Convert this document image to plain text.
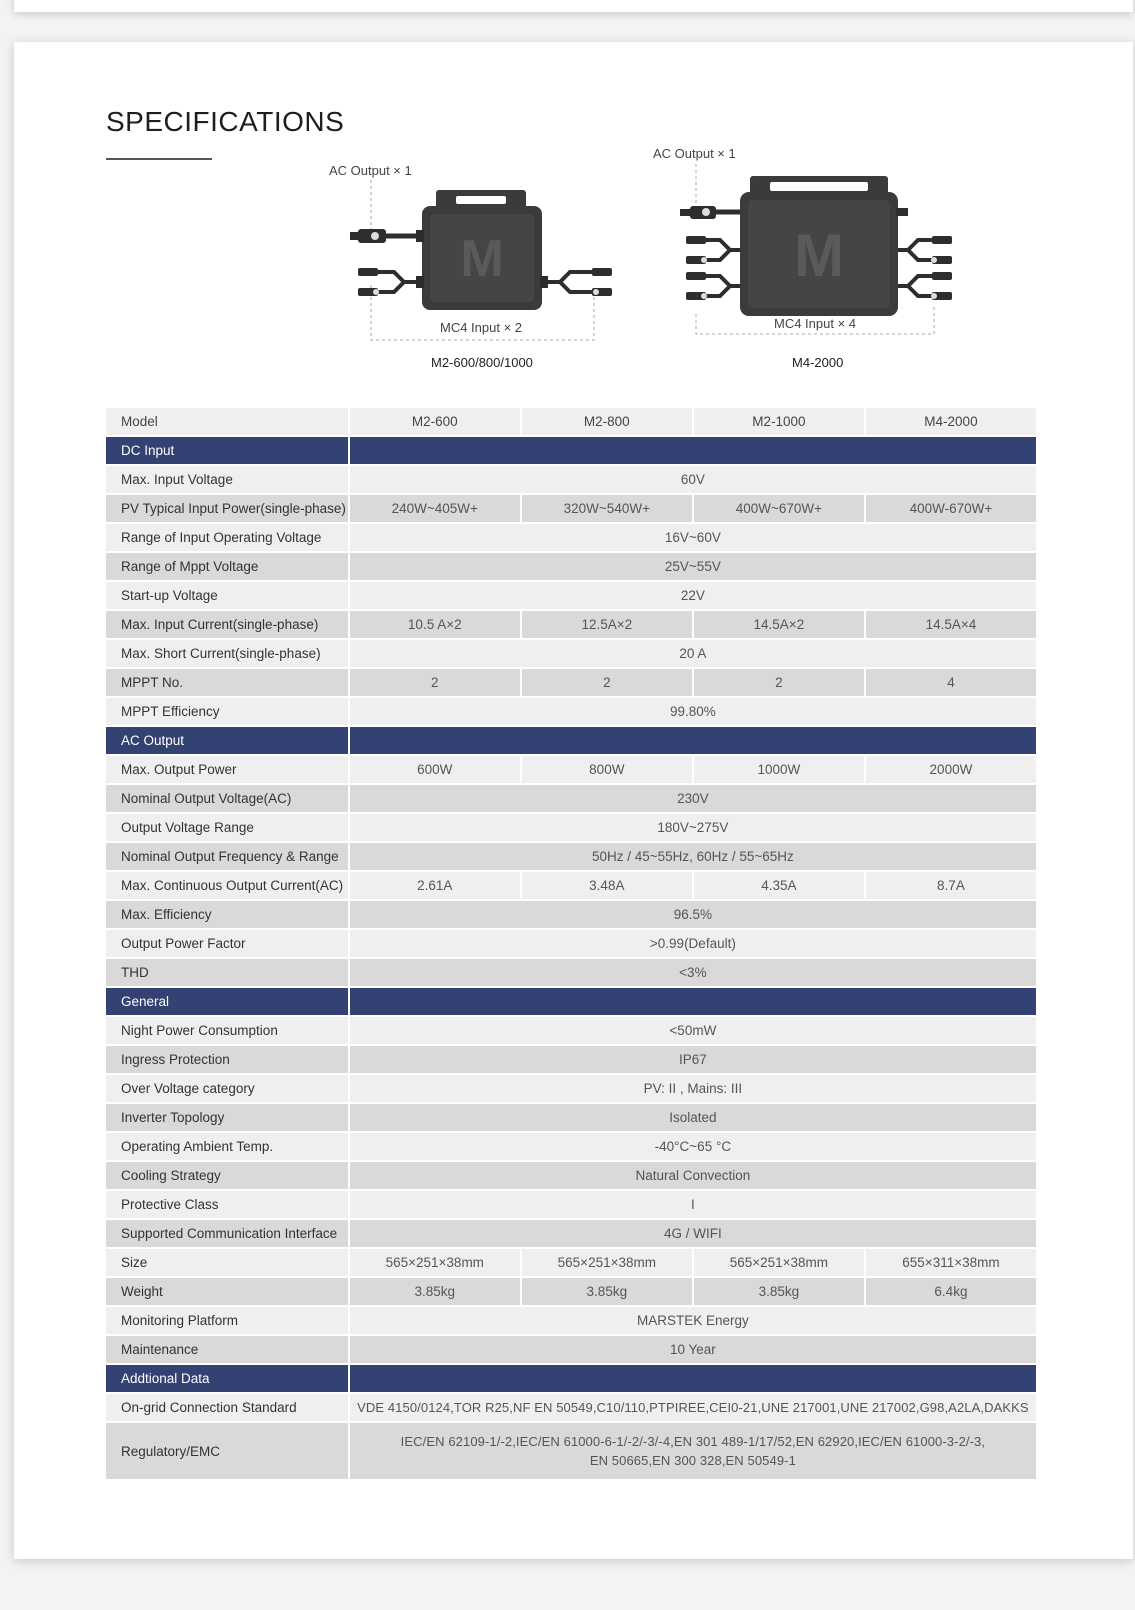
SPECIFICATIONS
AC Output × 1
M
MC4 Input × 2
M2-600/800/1000
AC Output × 1
M
MC4 Input × 4
M4-2000
Model	M2-600	M2-800	M2-1000	M4-2000
DC Input				
Max. Input Voltage	60V			
PV Typical Input Power(single-phase)	240W~405W+	320W~540W+	400W~670W+	400W-670W+
Range of Input Operating Voltage	16V~60V			
Range of Mppt Voltage	25V~55V			
Start-up Voltage	22V			
Max. Input Current(single-phase)	10.5 A×2	12.5A×2	14.5A×2	14.5A×4
Max. Short Current(single-phase)	20 A			
MPPT No.	2	2	2	4
MPPT Efficiency	99.80%			
AC Output				
Max. Output Power	600W	800W	1000W	2000W
Nominal Output Voltage(AC)	230V			
Output Voltage Range	180V~275V			
Nominal Output Frequency & Range	50Hz / 45~55Hz, 60Hz / 55~65Hz			
Max. Continuous Output Current(AC)	2.61A	3.48A	4.35A	8.7A
Max. Efficiency	96.5%			
Output Power Factor	>0.99(Default)			
THD	<3%			
General				
Night Power Consumption	<50mW			
Ingress Protection	IP67			
Over Voltage category	PV: II , Mains: III			
Inverter Topology	Isolated			
Operating Ambient Temp.	-40°C~65 °C			
Cooling Strategy	Natural Convection			
Protective Class	I			
Supported Communication Interface	4G / WIFI			
Size	565×251×38mm	565×251×38mm	565×251×38mm	655×311×38mm
Weight	3.85kg	3.85kg	3.85kg	6.4kg
Monitoring Platform	MARSTEK Energy			
Maintenance	10 Year			
Addtional Data				
On-grid Connection Standard	VDE 4150/0124,TOR R25,NF EN 50549,C10/110,PTPIREE,CEI0-21,UNE 217001,UNE 217002,G98,A2LA,DAKKS			
Regulatory/EMC	IEC/EN 62109-1/-2,IEC/EN 61000-6-1/-2/-3/-4,EN 301 489-1/17/52,EN 62920,IEC/EN 61000-3-2/-3,
EN 50665,EN 300 328,EN 50549-1			
